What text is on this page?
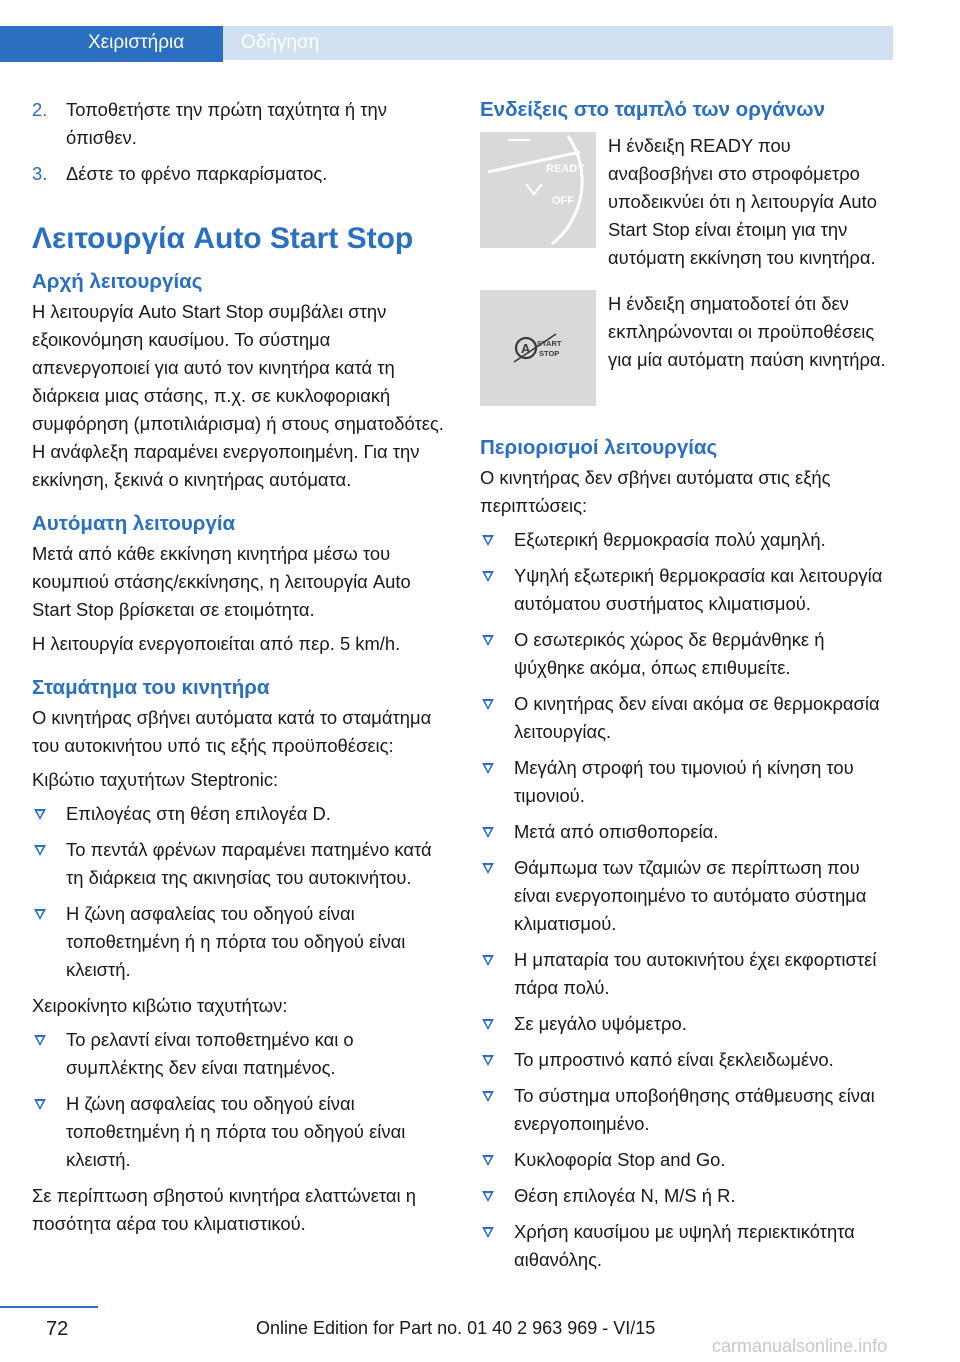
Χειριστήρια	Οδήγηση
2. Τοποθετήστε την πρώτη ταχύτητα ή την όπισθεν.
3. Δέστε το φρένο παρκαρίσματος.
Λειτουργία Auto Start Stop
Αρχή λειτουργίας

Η λειτουργία Auto Start Stop συμβάλει στην εξοικονόμηση καυσίμου. Το σύστημα απενεργοποιεί για αυτό τον κινητήρα κατά τη διάρκεια μιας στάσης, π.χ. σε κυκλοφοριακή συμφόρηση (μποτιλιάρισμα) ή στους σηματοδότες. Η ανάφλεξη παραμένει ενεργοποιημένη. Για την εκκίνηση, ξεκινά ο κινητήρας αυτόματα.

Αυτόματη λειτουργία

Μετά από κάθε εκκίνηση κινητήρα μέσω του κουμπιού στάσης/εκκίνησης, η λειτουργία Auto Start Stop βρίσκεται σε ετοιμότητα.

Η λειτουργία ενεργοποιείται από περ. 5 km/h.

Σταμάτημα του κινητήρα

Ο κινητήρας σβήνει αυτόματα κατά το σταμάτημα του αυτοκινήτου υπό τις εξής προϋποθέσεις:

Κιβώτιο ταχυτήτων Steptronic:

Επιλογέας στη θέση επιλογέα D.
Το πεντάλ φρένων παραμένει πατημένο κατά τη διάρκεια της ακινησίας του αυτοκινήτου.
Η ζώνη ασφαλείας του οδηγού είναι τοποθετημένη ή η πόρτα του οδηγού είναι κλειστή.

Χειροκίνητο κιβώτιο ταχυτήτων:

Το ρελαντί είναι τοποθετημένο και ο συμπλέκτης δεν είναι πατημένος.
Η ζώνη ασφαλείας του οδηγού είναι τοποθετημένη ή η πόρτα του οδηγού είναι κλειστή.

Σε περίπτωση σβηστού κινητήρα ελαττώνεται η ποσότητα αέρα του κλιματιστικού.

Ενδείξεις στο ταμπλό των οργάνων
READY
OFF

Η ένδειξη READY που αναβοσβήνει στο στροφόμετρο υποδεικνύει ότι η λειτουργία Auto Start Stop είναι έτοιμη για την αυτόματη εκκίνηση του κινητήρα.

A START
STOP

Η ένδειξη σηματοδοτεί ότι δεν εκπληρώνονται οι προϋποθέσεις για μία αυτόματη παύση κινητήρα.

Περιορισμοί λειτουργίας

Ο κινητήρας δεν σβήνει αυτόματα στις εξής περιπτώσεις:

Εξωτερική θερμοκρασία πολύ χαμηλή.
Υψηλή εξωτερική θερμοκρασία και λειτουργία αυτόματου συστήματος κλιματισμού.
Ο εσωτερικός χώρος δε θερμάνθηκε ή ψύχθηκε ακόμα, όπως επιθυμείτε.
Ο κινητήρας δεν είναι ακόμα σε θερμοκρασία λειτουργίας.
Μεγάλη στροφή του τιμονιού ή κίνηση του τιμονιού.
Μετά από οπισθοπορεία.
Θάμπωμα των τζαμιών σε περίπτωση που είναι ενεργοποιημένο το αυτόματο σύστημα κλιματισμού.
Η μπαταρία του αυτοκινήτου έχει εκφορτιστεί πάρα πολύ.
Σε μεγάλο υψόμετρο.
Το μπροστινό καπό είναι ξεκλειδωμένο.
Το σύστημα υποβοήθησης στάθμευσης είναι ενεργοποιημένο.
Κυκλοφορία Stop and Go.
Θέση επιλογέα N, M/S ή R.
Χρήση καυσίμου με υψηλή περιεκτικότητα αιθανόλης.
72	Online Edition for Part no. 01 40 2 963 969 - VI/15
carmanualsonline.info
